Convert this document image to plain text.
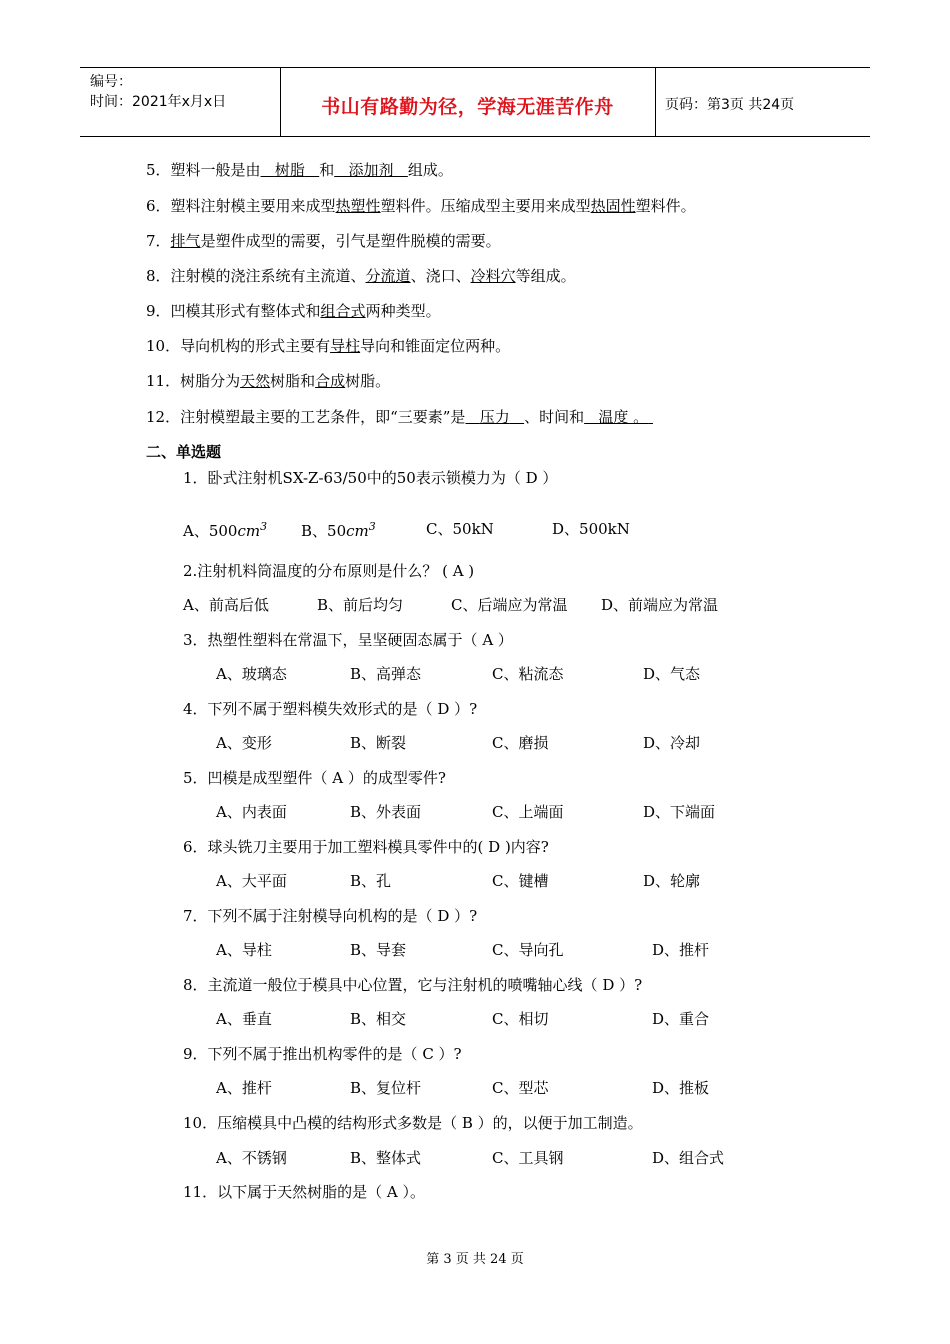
编号：
时间：2021年x月x日	书山有路勤为径，学海无涯苦作舟	页码：第3页 共24页
5．塑料一般是由 树脂 和 添加剂 组成。
6．塑料注射模主要用来成型热塑性塑料件。压缩成型主要用来成型热固性塑料件。
7．排气是塑件成型的需要，引气是塑件脱模的需要。
8．注射模的浇注系统有主流道、分流道、浇口、冷料穴等组成。
9．凹模其形式有整体式和组合式两种类型。
10．导向机构的形式主要有导柱导向和锥面定位两种。
11．树脂分为天然树脂和合成树脂。
12．注射模塑最主要的工艺条件，即“三要素”是 压力 、时间和 温度 。
二、单选题
1．卧式注射机SX-Z-63/50中的50表示锁模力为（ D ）
A、$500cm^3$ B、$50cm^3$	C、50kN	D、500kN
2.注射机料筒温度的分布原则是什么？ ( A )
A、前高后低	B、前后均匀	C、后端应为常温 D、前端应为常温
3．热塑性塑料在常温下，呈坚硬固态属于（ A ）
A、玻璃态	B、高弹态	C、粘流态	D、气态
4．下列不属于塑料模失效形式的是（ D ）?
A、变形	B、断裂	C、磨损	D、冷却
5．凹模是成型塑件（ A ）的成型零件?
A、内表面	B、外表面	C、上端面	D、下端面
6．球头铣刀主要用于加工塑料模具零件中的( D )内容?
A、大平面	B、孔	C、键槽	D、轮廓
7．下列不属于注射模导向机构的是（ D ）?
A、导柱	B、导套	C、导向孔	D、推杆
8．主流道一般位于模具中心位置，它与注射机的喷嘴轴心线（ D ）?
A、垂直	B、相交	C、相切	D、重合
9．下列不属于推出机构零件的是（ C ）?
A、推杆	B、复位杆	C、型芯	D、推板
10．压缩模具中凸模的结构形式多数是（ B ）的，以便于加工制造。
A、不锈钢	B、整体式	C、工具钢	D、组合式
11．以下属于天然树脂的是（ A ）。
第 3 页 共 24 页
